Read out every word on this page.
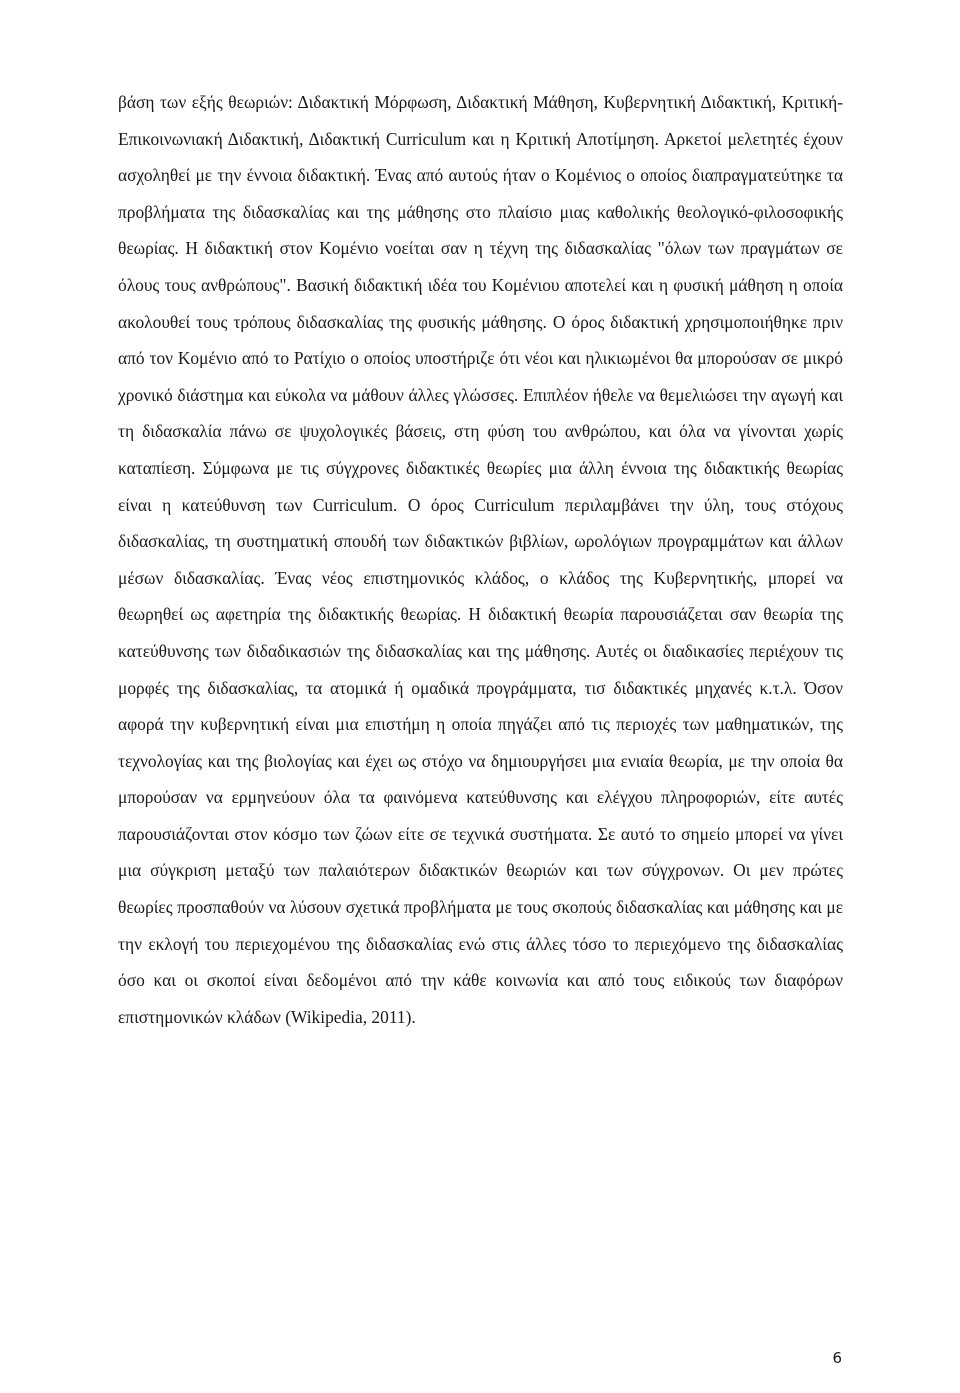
βάση των εξής θεωριών: Διδακτική Μόρφωση, Διδακτική Μάθηση, Κυβερνητική Διδακτική, Κριτική- Επικοινωνιακή Διδακτική, Διδακτική Curriculum και η Κριτική Αποτίμηση. Αρκετοί μελετητές έχουν ασχοληθεί με την έννοια διδακτική. Ένας από αυτούς ήταν ο Κομένιος ο οποίος διαπραγματεύτηκε τα προβλήματα της διδασκαλίας και της μάθησης στο πλαίσιο μιας καθολικής θεολογικό-φιλοσοφικής θεωρίας. Η διδακτική στον Κομένιο νοείται σαν η τέχνη της διδασκαλίας "όλων των πραγμάτων σε όλους τους ανθρώπους". Βασική διδακτική ιδέα του Κομένιου αποτελεί και η φυσική μάθηση η οποία ακολουθεί τους τρόπους διδασκαλίας της φυσικής μάθησης. Ο όρος διδακτική χρησιμοποιήθηκε πριν από τον Κομένιο από το Ρατίχιο ο οποίος υποστήριζε ότι νέοι και ηλικιωμένοι θα μπορούσαν σε μικρό χρονικό διάστημα και εύκολα να μάθουν άλλες γλώσσες. Επιπλέον ήθελε να θεμελιώσει την αγωγή και τη διδασκαλία πάνω σε ψυχολογικές βάσεις, στη φύση του ανθρώπου, και όλα να γίνονται χωρίς καταπίεση. Σύμφωνα με τις σύγχρονες διδακτικές θεωρίες μια άλλη έννοια της διδακτικής θεωρίας είναι η κατεύθυνση των Curriculum. Ο όρος Curriculum περιλαμβάνει την ύλη, τους στόχους διδασκαλίας, τη συστηματική σπουδή των διδακτικών βιβλίων, ωρολόγιων προγραμμάτων και άλλων μέσων διδασκαλίας. Ένας νέος επιστημονικός κλάδος, ο κλάδος της Κυβερνητικής, μπορεί να θεωρηθεί ως αφετηρία της διδακτικής θεωρίας. Η διδακτική θεωρία παρουσιάζεται σαν θεωρία της κατεύθυνσης των διδαδικασιών της διδασκαλίας και της μάθησης. Αυτές οι διαδικασίες περιέχουν τις μορφές της διδασκαλίας, τα ατομικά ή ομαδικά προγράμματα, τισ διδακτικές μηχανές κ.τ.λ. Όσον αφορά την κυβερνητική είναι μια επιστήμη η οποία πηγάζει από τις περιοχές των μαθηματικών, της τεχνολογίας και της βιολογίας και έχει ως στόχο να δημιουργήσει μια ενιαία θεωρία, με την οποία θα μπορούσαν να ερμηνεύουν όλα τα φαινόμενα κατεύθυνσης και ελέγχου πληροφοριών, είτε αυτές παρουσιάζονται στον κόσμο των ζώων είτε σε τεχνικά συστήματα. Σε αυτό το σημείο μπορεί να γίνει μια σύγκριση μεταξύ των παλαιότερων διδακτικών θεωριών και των σύγχρονων. Οι μεν πρώτες θεωρίες προσπαθούν να λύσουν σχετικά προβλήματα με τους σκοπούς διδασκαλίας και μάθησης και με την εκλογή του περιεχομένου της διδασκαλίας ενώ στις άλλες τόσο το περιεχόμενο της διδασκαλίας όσο και οι σκοποί είναι δεδομένοι από την κάθε κοινωνία και από τους ειδικούς των διαφόρων επιστημονικών κλάδων (Wikipedia, 2011).

6
